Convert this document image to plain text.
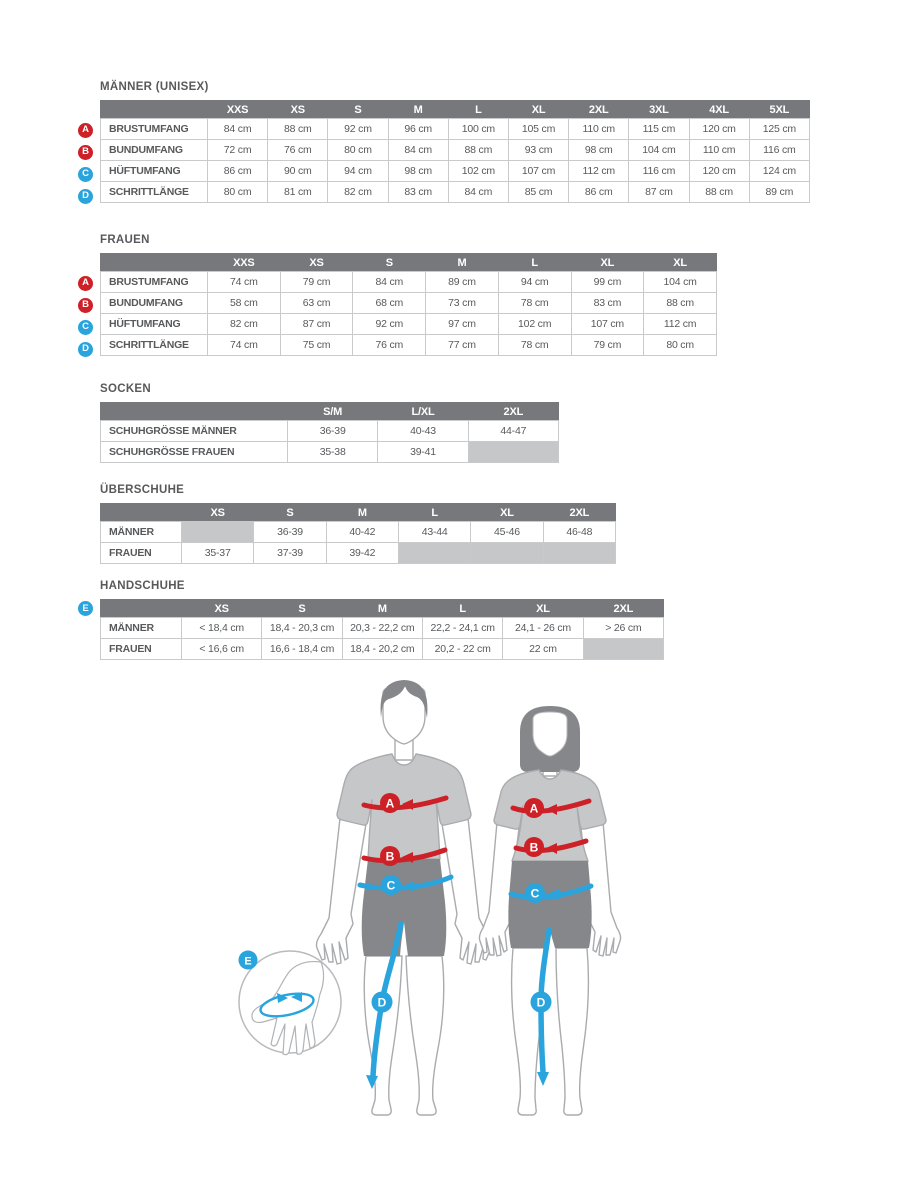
MÄNNER (UNISEX)
	XXS	XS	S	M	L	XL	2XL	3XL	4XL	5XL
BRUSTUMFANG	84 cm	88 cm	92 cm	96 cm	100 cm	105 cm	110 cm	115 cm	120 cm	125 cm
BUNDUMFANG	72 cm	76 cm	80 cm	84 cm	88 cm	93 cm	98 cm	104 cm	110 cm	116 cm
HÜFTUMFANG	86 cm	90 cm	94 cm	98 cm	102 cm	107 cm	112 cm	116 cm	120 cm	124 cm
SCHRITTLÄNGE	80 cm	81 cm	82 cm	83 cm	84 cm	85 cm	86 cm	87 cm	88 cm	89 cm
A
B
C
D
FRAUEN
	XXS	XS	S	M	L	XL	XL
BRUSTUMFANG	74 cm	79 cm	84 cm	89 cm	94 cm	99 cm	104 cm
BUNDUMFANG	58 cm	63 cm	68 cm	73 cm	78 cm	83 cm	88 cm
HÜFTUMFANG	82 cm	87 cm	92 cm	97 cm	102 cm	107 cm	112 cm
SCHRITTLÄNGE	74 cm	75 cm	76 cm	77 cm	78 cm	79 cm	80 cm
A
B
C
D
SOCKEN
	S/M	L/XL	2XL
SCHUHGRÖSSE MÄNNER	36-39	40-43	44-47
SCHUHGRÖSSE FRAUEN	35-38	39-41	
ÜBERSCHUHE
	XS	S	M	L	XL	2XL
MÄNNER		36-39	40-42	43-44	45-46	46-48
FRAUEN	35-37	37-39	39-42			
HANDSCHUHE
	XS	S	M	L	XL	2XL
MÄNNER	< 18,4 cm	18,4 - 20,3 cm	20,3 - 22,2 cm	22,2 - 24,1 cm	24,1 - 26 cm	> 26 cm
FRAUEN	< 16,6 cm	16,6 - 18,4 cm	18,4 - 20,2 cm	20,2 - 22 cm	22 cm	
E
A
B
C
D
A
B
C
D
E
